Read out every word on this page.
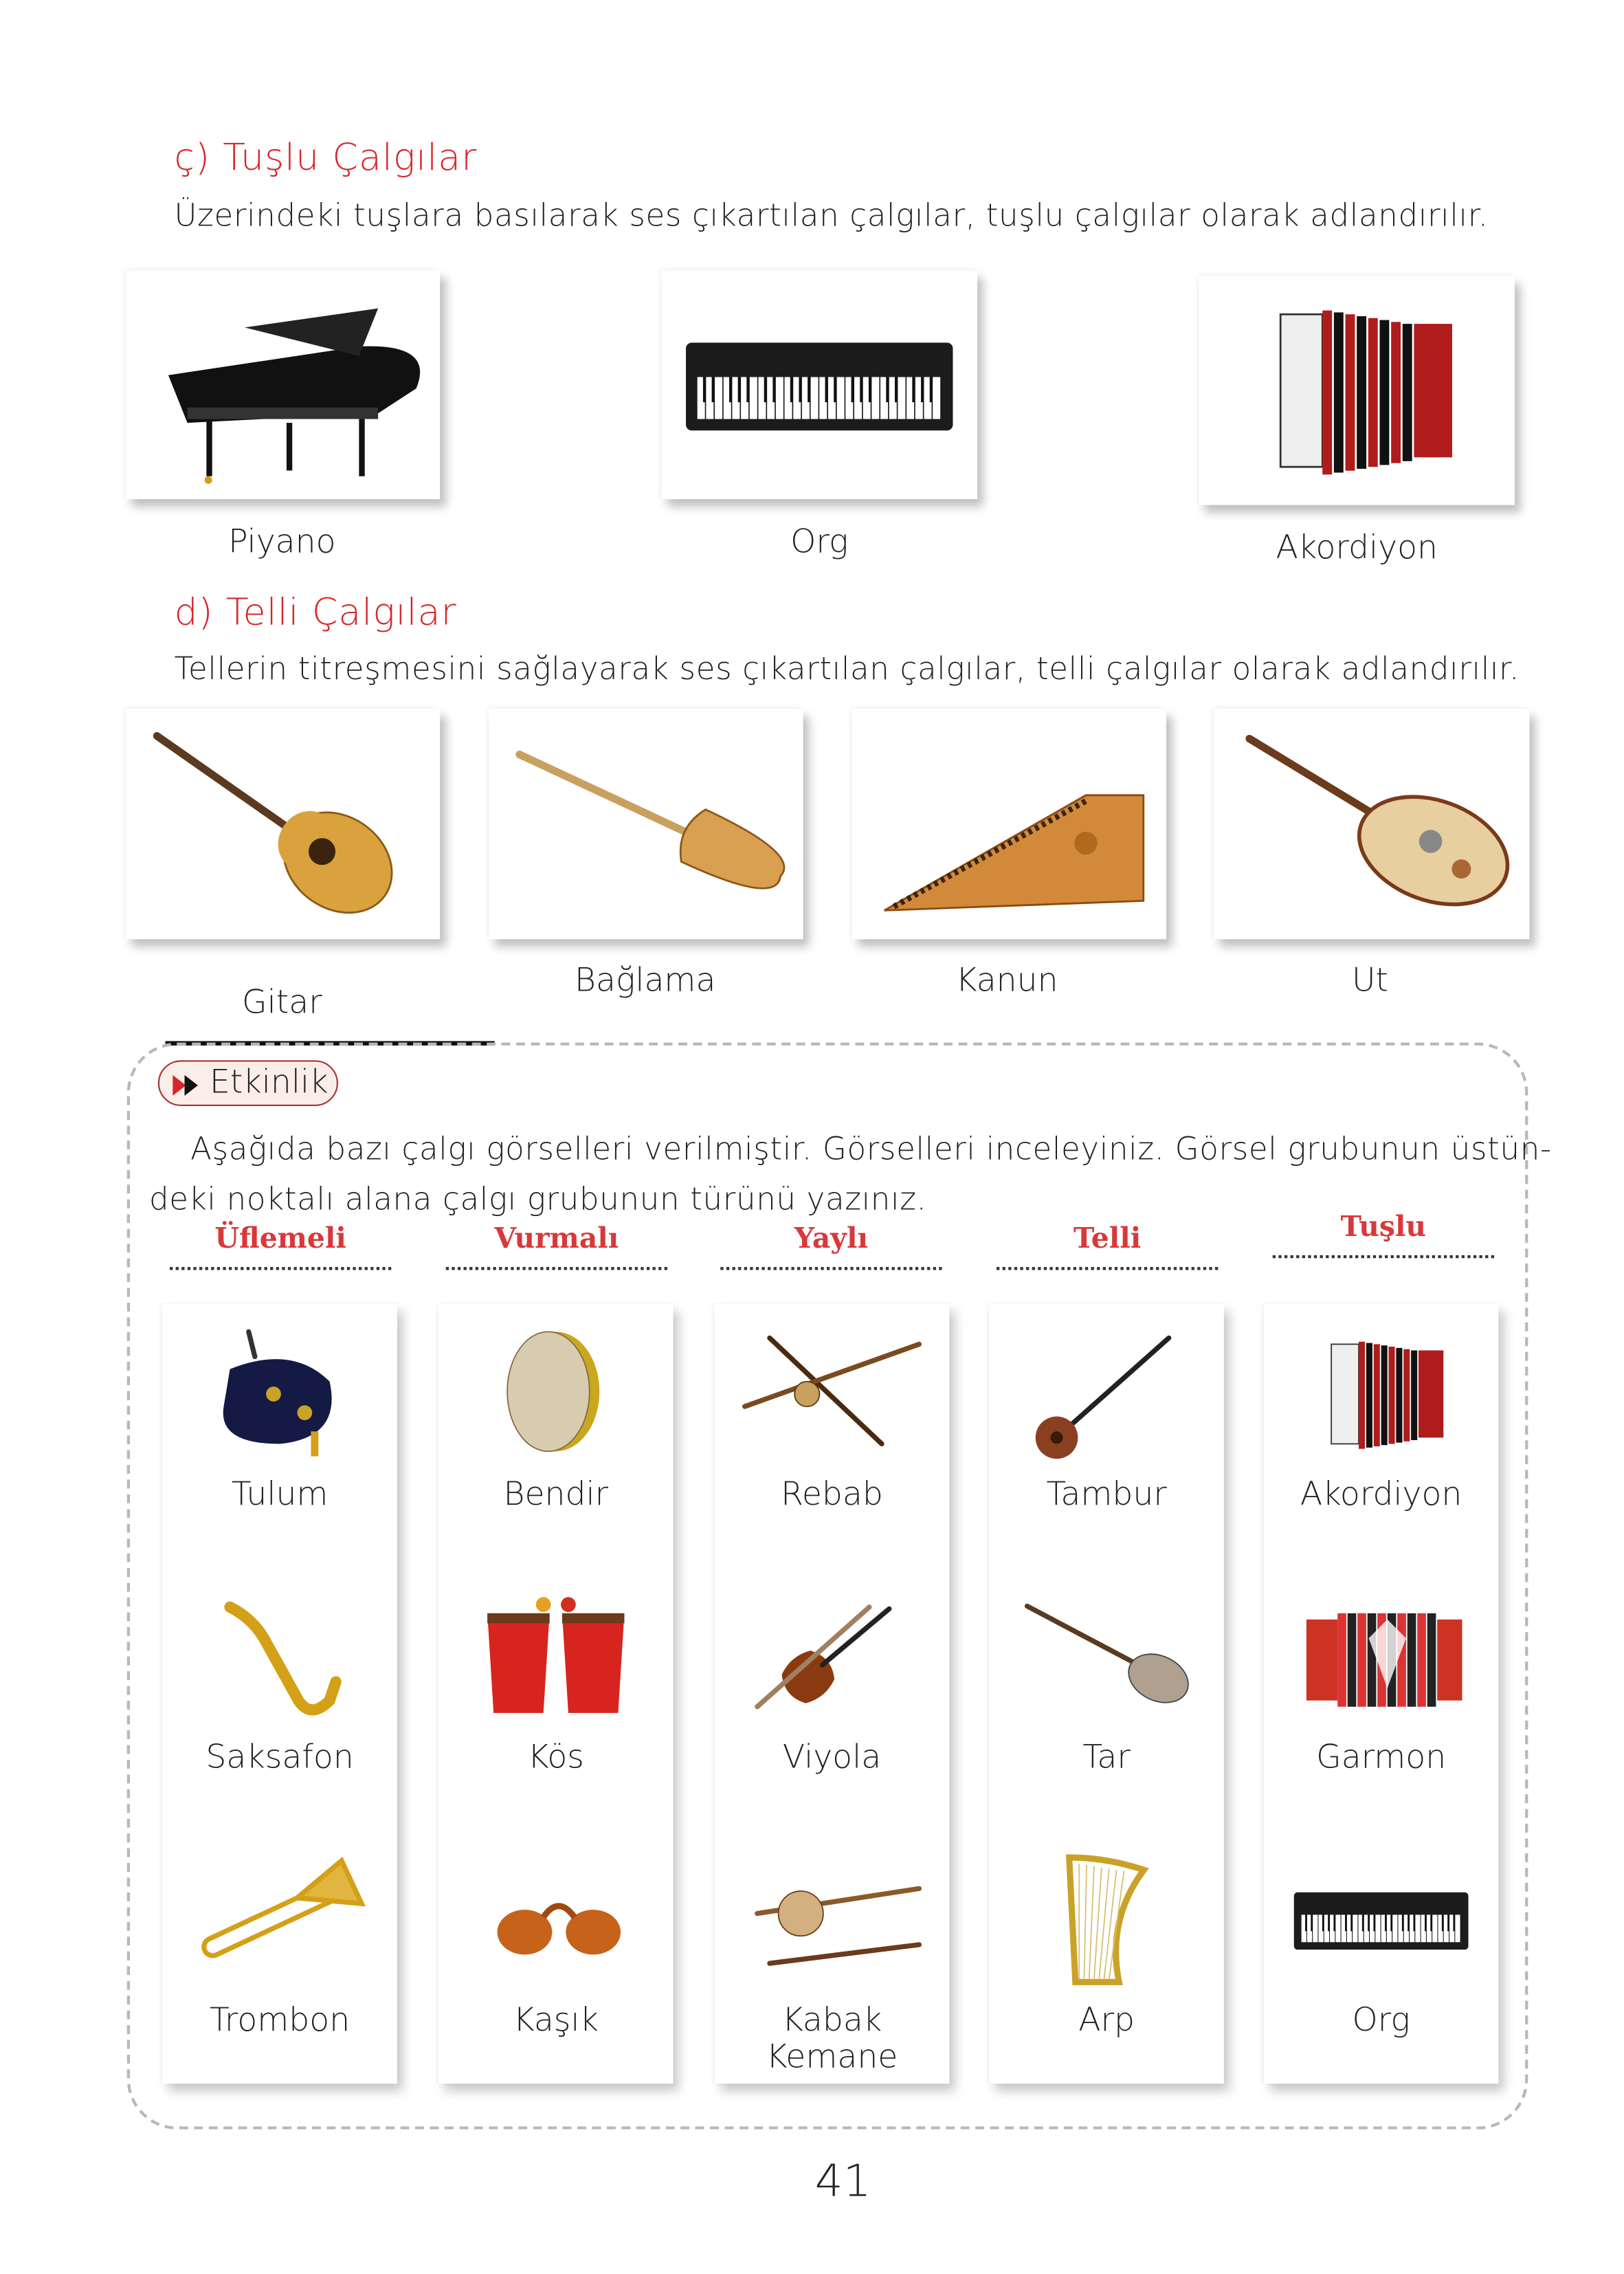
ç) Tuşlu Çalgılar
Üzerindeki tuşlara basılarak ses çıkartılan çalgılar, tuşlu çalgılar olarak adlandırılır.
Piyano	Org	Akordiyon
d) Telli Çalgılar
Tellerin titreşmesini sağlayarak ses çıkartılan çalgılar, telli çalgılar olarak adlandırılır.
Gitar
Bağlama	Kanun	Ut
Etkinlik
Aşağıda bazı çalgı görselleri verilmiştir. Görselleri inceleyiniz. Görsel grubunun üstün-
deki noktalı alana çalgı grubunun türünü yazınız.
Üflemeli
Tulum
Saksafon
Trombon
Vurmalı
Bendir
Kös
Kaşık
Yaylı
Rebab
Viyola
Kabak Kemane
Telli
Tambur
Tar
Arp
Tuşlu
Akordiyon
Garmon
Org
41
